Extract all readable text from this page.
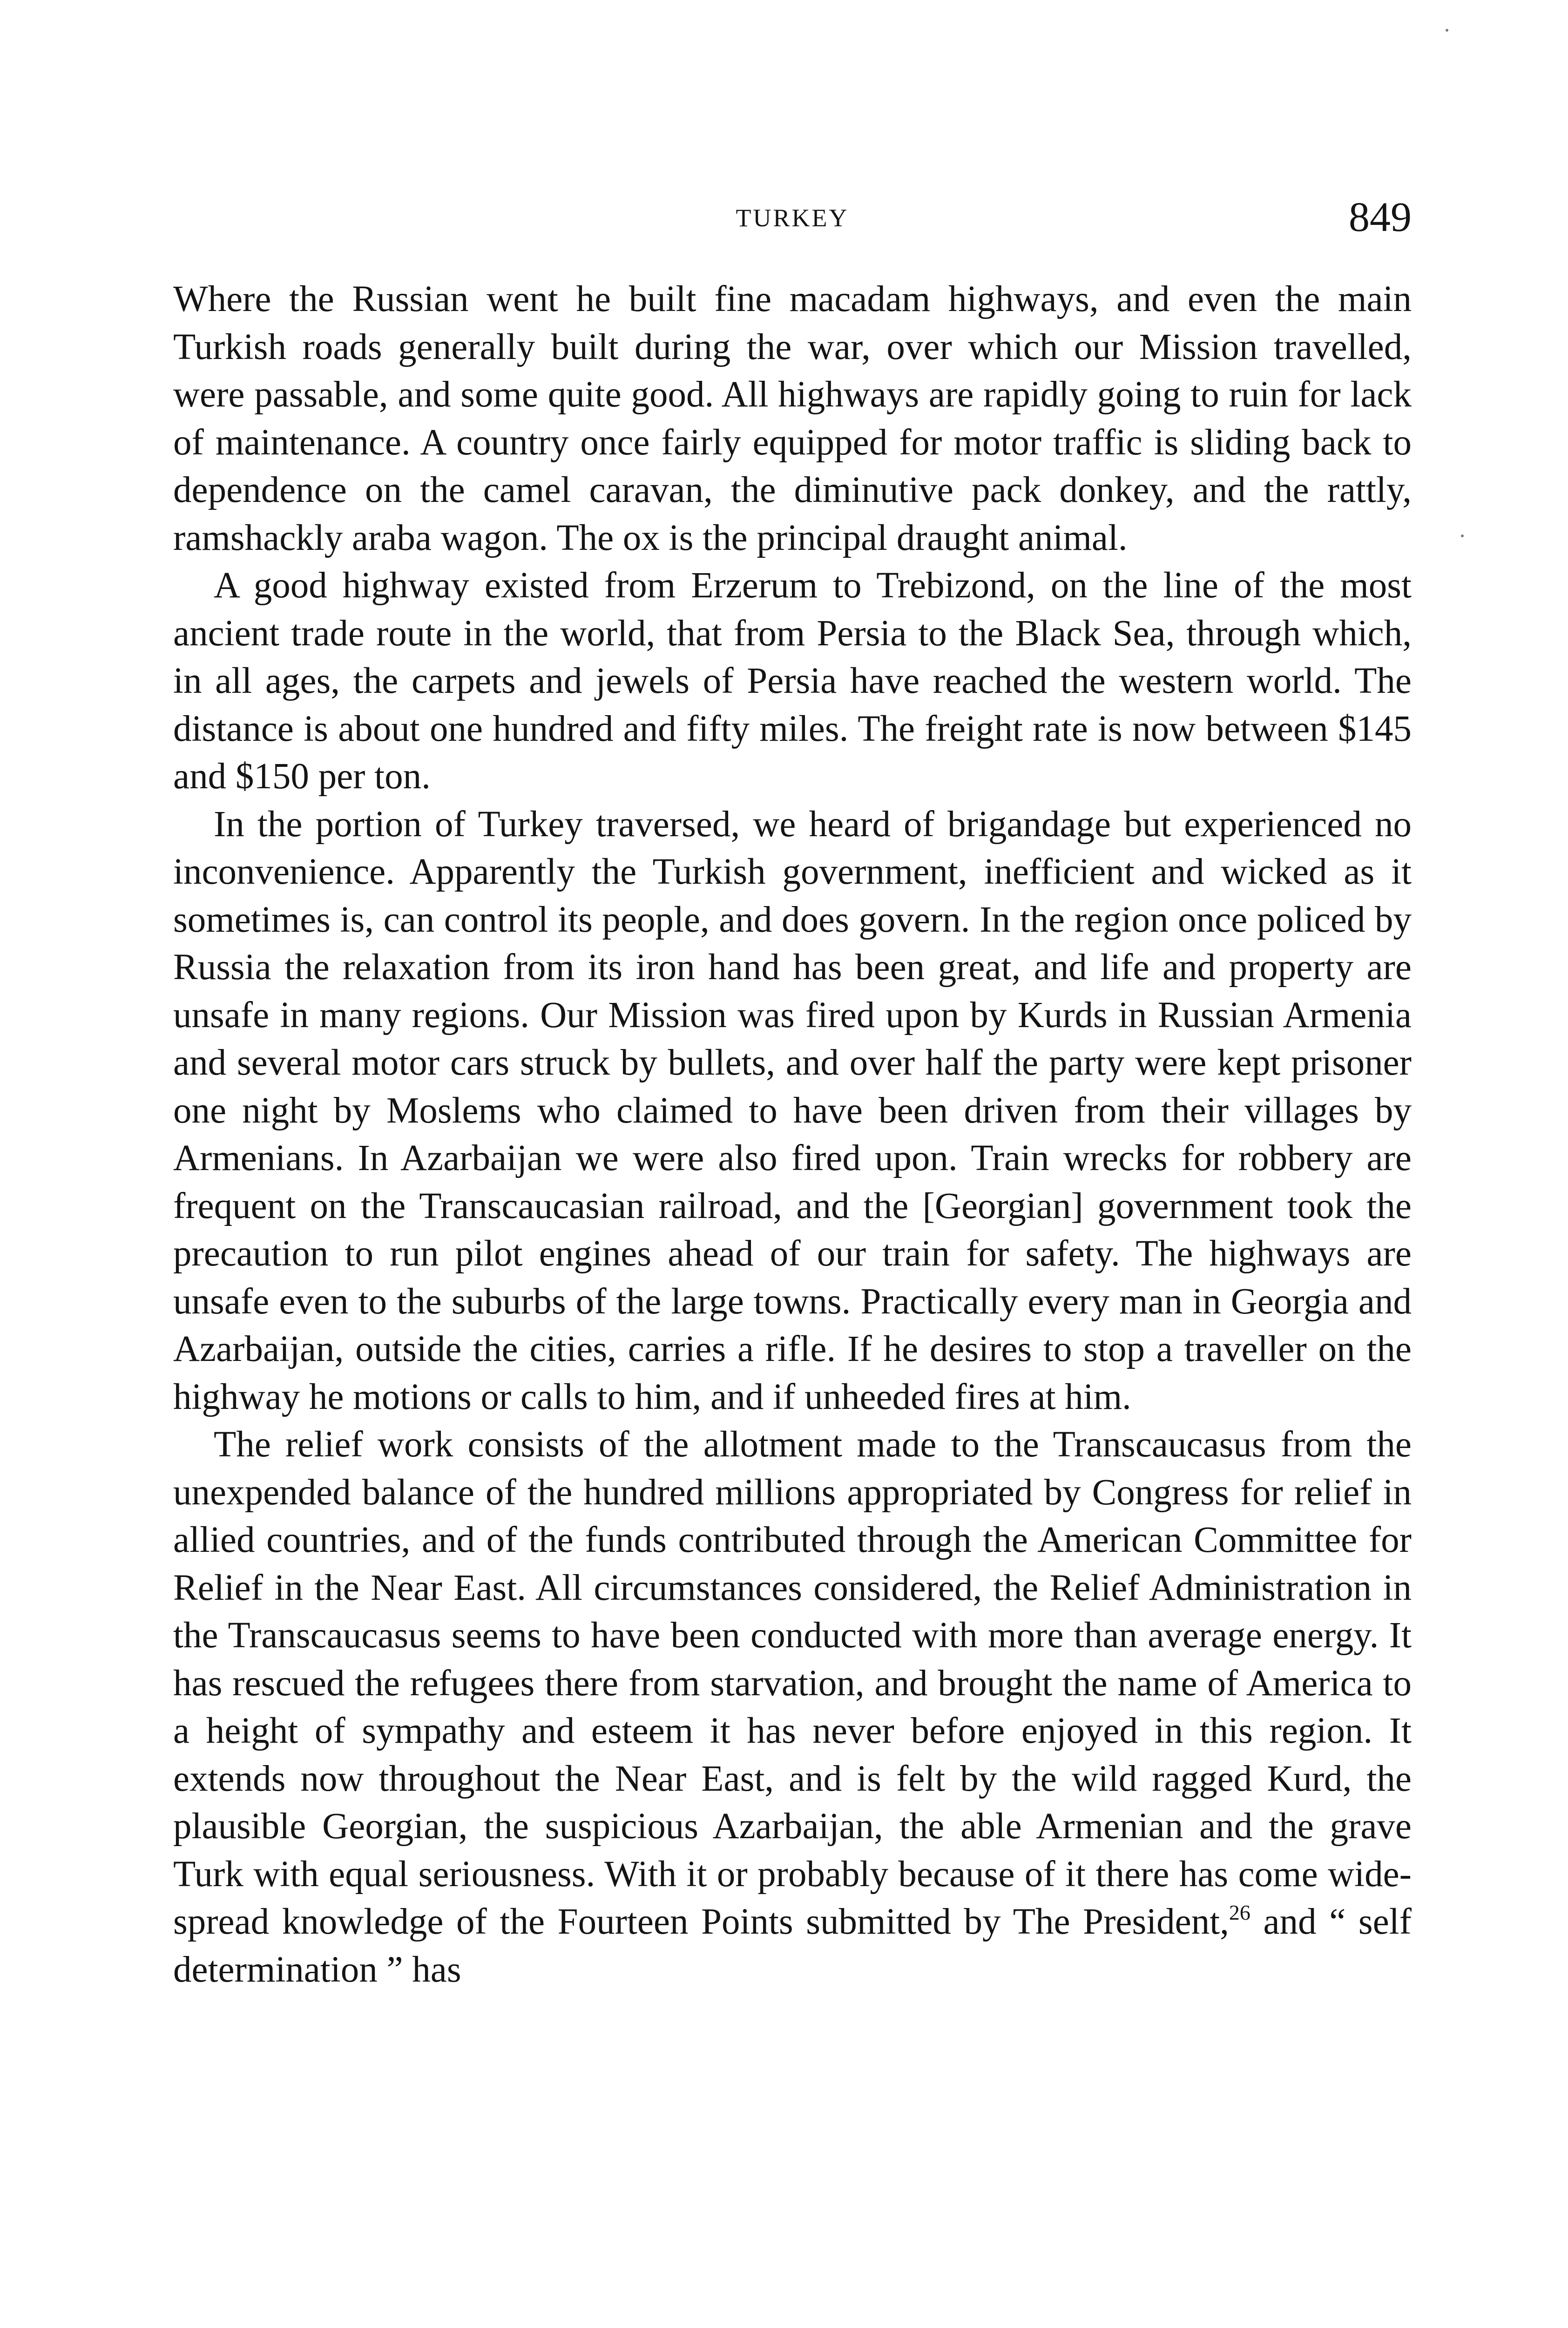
TURKEY	849

Where the Russian went he built fine macadam highways, and even the main Turkish roads generally built during the war, over which our Mission travelled, were passable, and some quite good. All highways are rapidly going to ruin for lack of maintenance. A country once fairly equipped for motor traffic is sliding back to dependence on the camel caravan, the diminutive pack donkey, and the rattly, ramshackly araba wagon. The ox is the principal draught animal.

A good highway existed from Erzerum to Trebizond, on the line of the most ancient trade route in the world, that from Persia to the Black Sea, through which, in all ages, the carpets and jewels of Persia have reached the western world. The distance is about one hundred and fifty miles. The freight rate is now between $145 and $150 per ton.

In the portion of Turkey traversed, we heard of brigandage but experienced no inconvenience. Apparently the Turkish government, inefficient and wicked as it sometimes is, can control its people, and does govern. In the region once policed by Russia the relaxation from its iron hand has been great, and life and property are unsafe in many regions. Our Mission was fired upon by Kurds in Russian Armenia and several motor cars struck by bullets, and over half the party were kept prisoner one night by Moslems who claimed to have been driven from their villages by Armenians. In Azarbaijan we were also fired upon. Train wrecks for robbery are frequent on the Transcaucasian railroad, and the [Georgian] government took the precaution to run pilot engines ahead of our train for safety. The highways are unsafe even to the suburbs of the large towns. Practically every man in Georgia and Azarbaijan, outside the cities, carries a rifle. If he desires to stop a traveller on the highway he motions or calls to him, and if unheeded fires at him.

The relief work consists of the allotment made to the Transcaucasus from the unexpended balance of the hundred millions appropriated by Congress for relief in allied countries, and of the funds contributed through the American Committee for Relief in the Near East. All circumstances considered, the Relief Administration in the Transcaucasus seems to have been conducted with more than average energy. It has rescued the refugees there from starvation, and brought the name of America to a height of sympathy and esteem it has never before enjoyed in this region. It extends now throughout the Near East, and is felt by the wild ragged Kurd, the plausible Georgian, the suspicious Azarbaijan, the able Armenian and the grave Turk with equal seriousness. With it or probably because of it there has come wide-spread knowledge of the Fourteen Points submitted by The President,$^{26}$ and “ self determination ” has
